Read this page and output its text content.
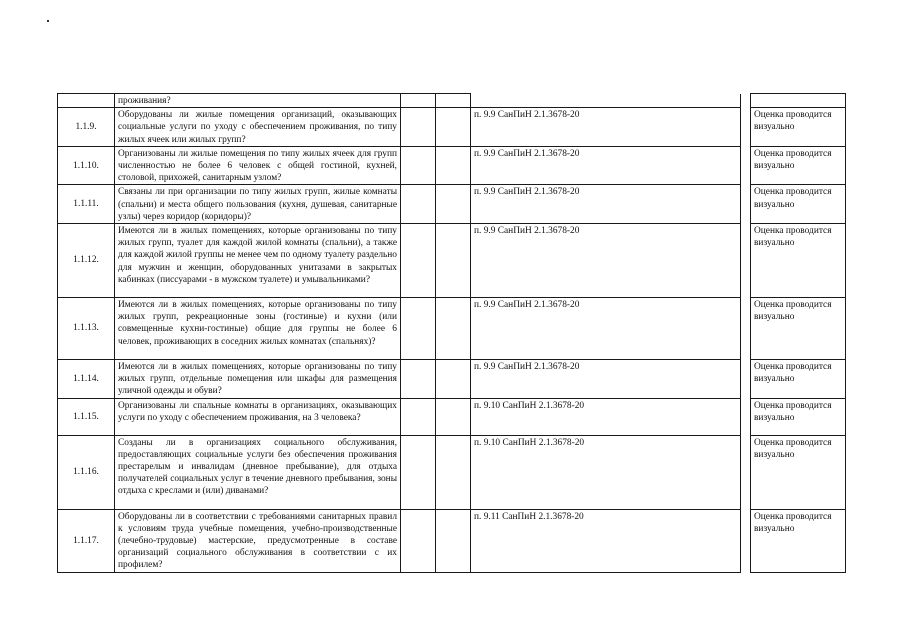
	проживания?					
1.1.9.	Оборудованы ли жилые помещения организаций, оказывающих социальные услуги по уходу с обеспечением проживания, по типу жилых ячеек или жилых групп?			п. 9.9 СанПиН 2.1.3678-20		Оценка проводится визуально
1.1.10.	Организованы ли жилые помещения по типу жилых ячеек для групп численностью не более 6 человек с общей гостиной, кухней, столовой, прихожей, санитарным узлом?			п. 9.9 СанПиН 2.1.3678-20		Оценка проводится визуально
1.1.11.	Связаны ли при организации по типу жилых групп, жилые комнаты (спальни) и места общего пользования (кухня, душевая, санитарные узлы) через коридор (коридоры)?			п. 9.9 СанПиН 2.1.3678-20		Оценка проводится визуально
1.1.12.	Имеются ли в жилых помещениях, которые организованы по типу жилых групп, туалет для каждой жилой комнаты (спальни), а также для каждой жилой группы не менее чем по одному туалету раздельно для мужчин и женщин, оборудованных унитазами в закрытых кабинках (писсуарами - в мужском туалете) и умывальниками?			п. 9.9 СанПиН 2.1.3678-20		Оценка проводится визуально
1.1.13.	Имеются ли в жилых помещениях, которые организованы по типу жилых групп, рекреационные зоны (гостиные) и кухни (или совмещенные кухни-гостиные) общие для группы не более 6 человек, проживающих в соседних жилых комнатах (спальнях)?			п. 9.9 СанПиН 2.1.3678-20		Оценка проводится визуально
1.1.14.	Имеются ли в жилых помещениях, которые организованы по типу жилых групп, отдельные помещения или шкафы для размещения уличной одежды и обуви?			п. 9.9 СанПиН 2.1.3678-20		Оценка проводится визуально
1.1.15.	Организованы ли спальные комнаты в организациях, оказывающих услуги по уходу с обеспечением проживания, на 3 человека?			п. 9.10 СанПиН 2.1.3678-20		Оценка проводится визуально
1.1.16.	Созданы ли в организациях социального обслуживания, предоставляющих социальные услуги без обеспечения проживания престарелым и инвалидам (дневное пребывание), для отдыха получателей социальных услуг в течение дневного пребывания, зоны отдыха с креслами и (или) диванами?			п. 9.10 СанПиН 2.1.3678-20		Оценка проводится визуально
1.1.17.	Оборудованы ли в соответствии с требованиями санитарных правил к условиям труда учебные помещения, учебно-производственные (лечебно-трудовые) мастерские, предусмотренные в составе организаций социального обслуживания в соответствии с их профилем?			п. 9.11 СанПиН 2.1.3678-20		Оценка проводится визуально
